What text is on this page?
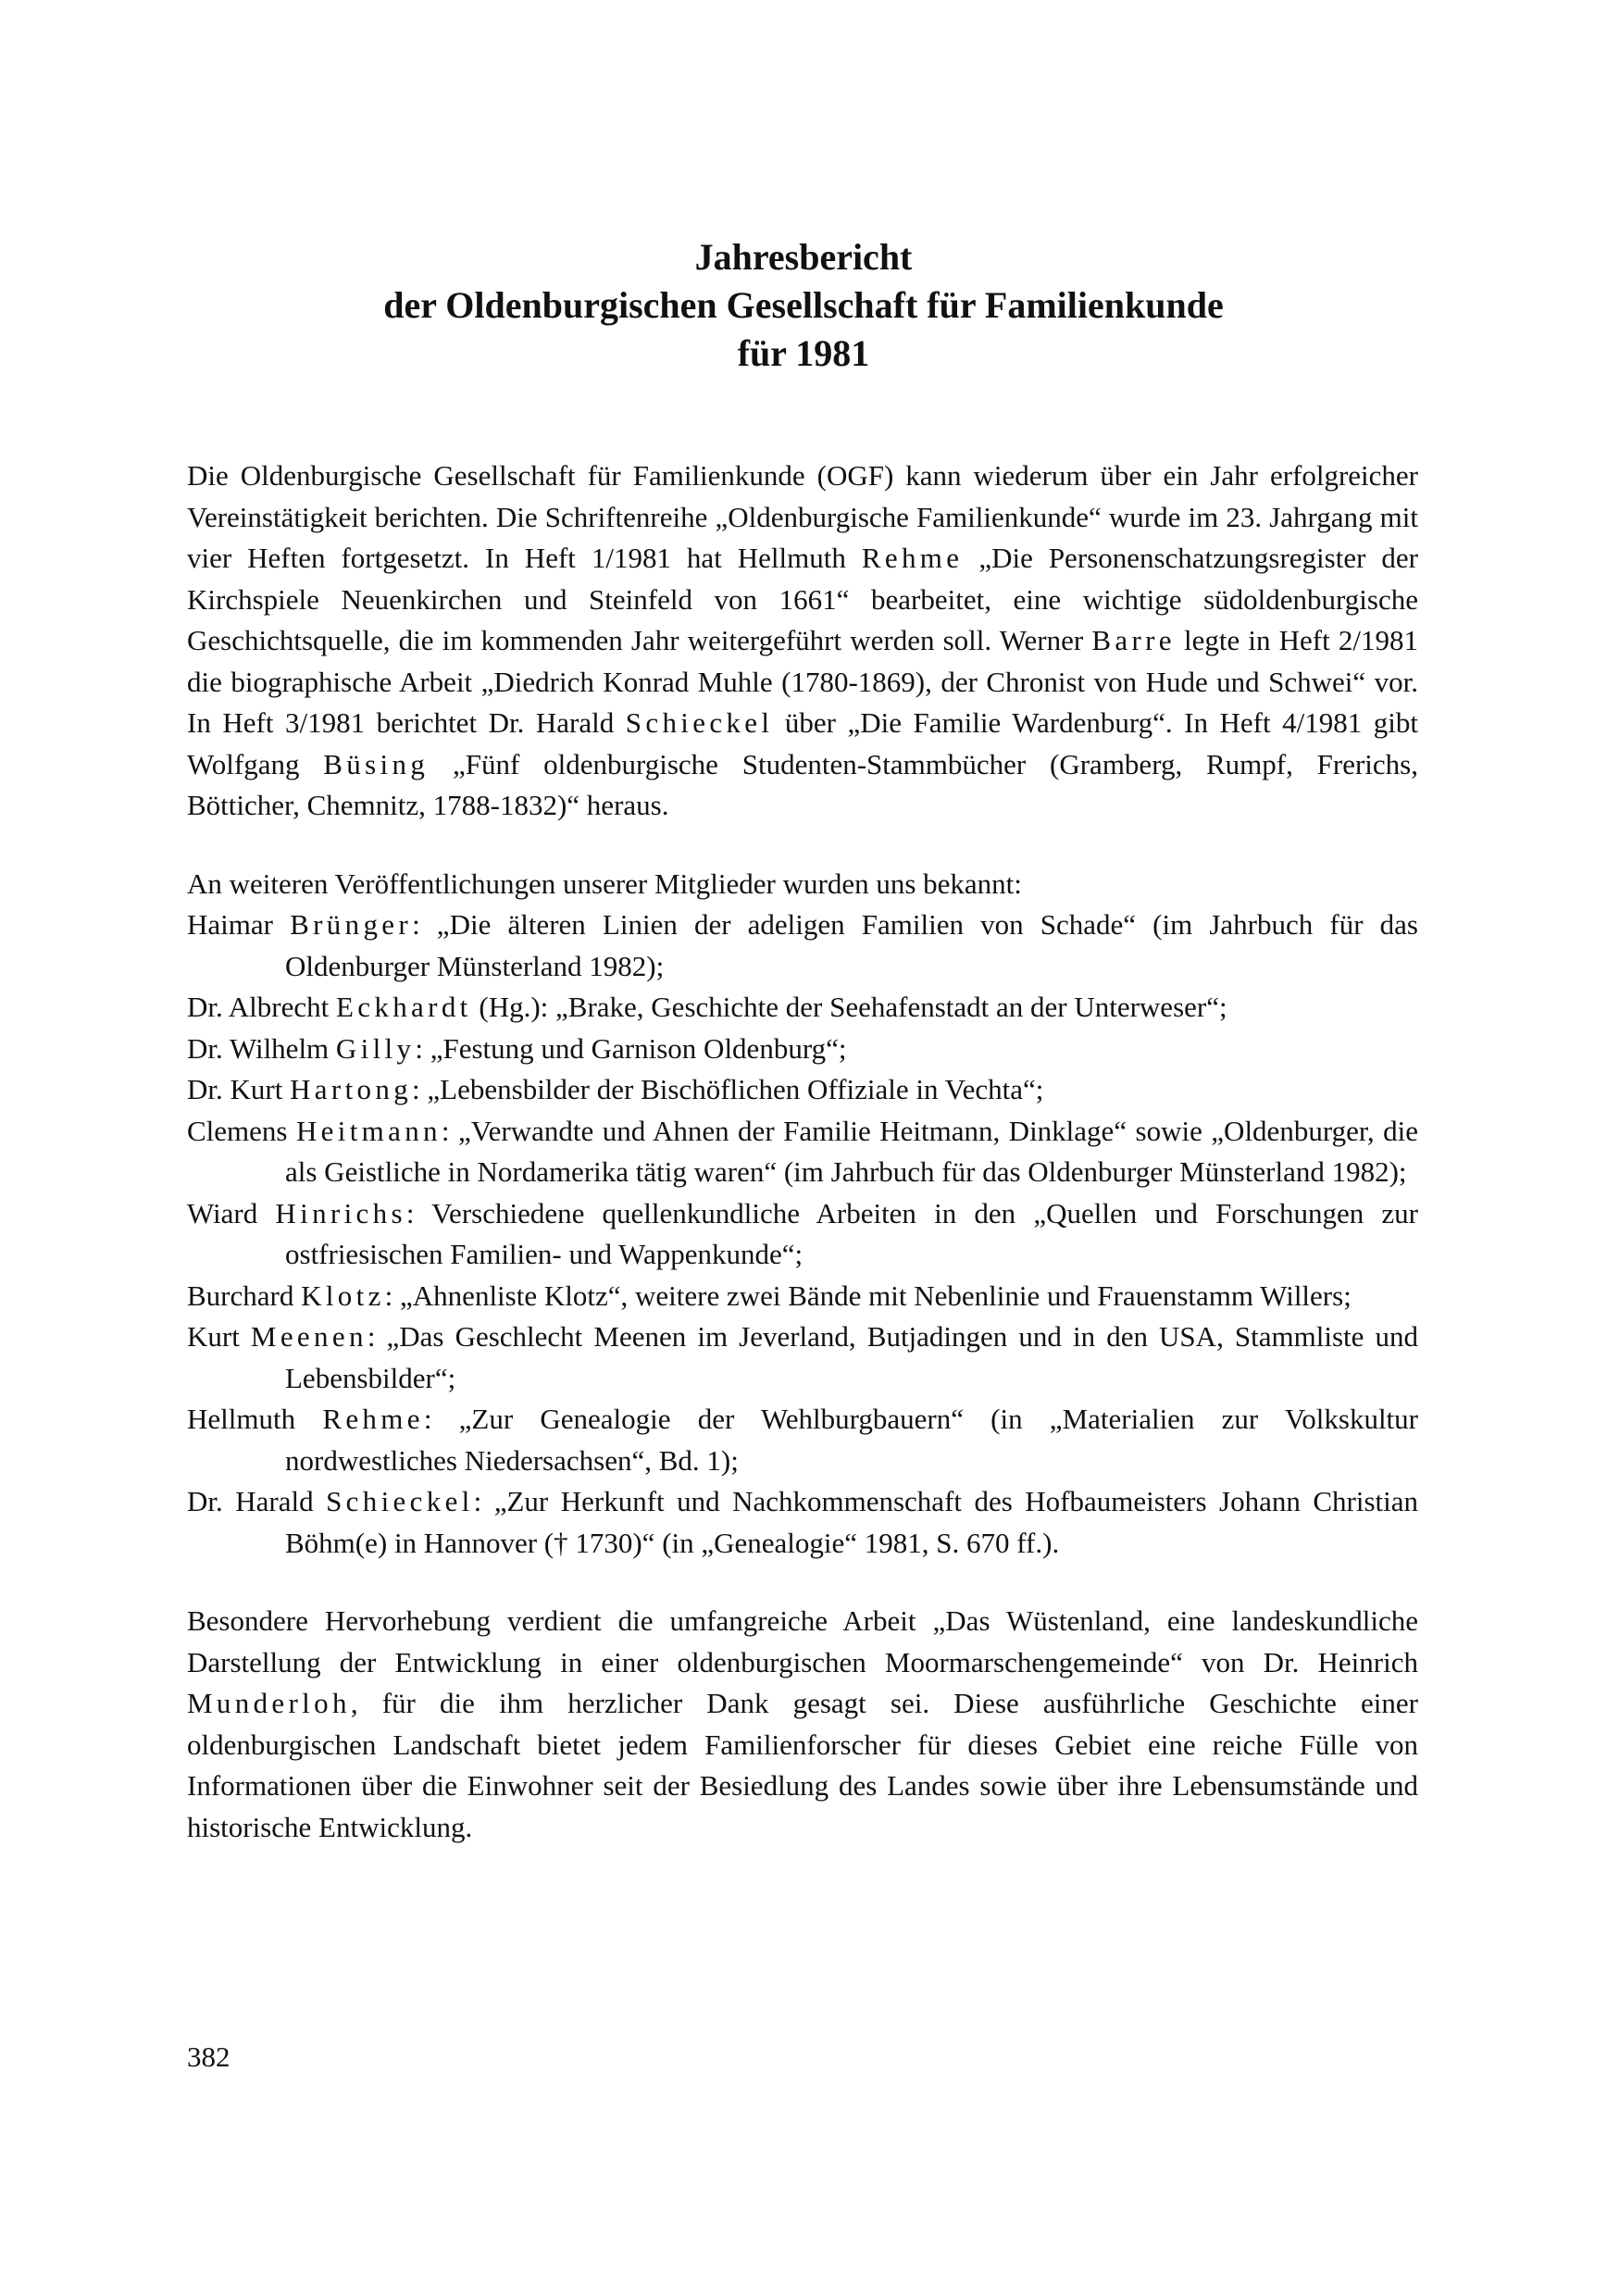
Jahresbericht
der Oldenburgischen Gesellschaft für Familienkunde
für 1981

Die Oldenburgische Gesellschaft für Familienkunde (OGF) kann wiederum über ein Jahr erfolgreicher Vereinstätigkeit berichten. Die Schriftenreihe „Oldenburgische Familienkunde“ wurde im 23. Jahrgang mit vier Heften fortgesetzt. In Heft 1/1981 hat Hellmuth Rehme „Die Personenschatzungsregister der Kirchspiele Neuenkirchen und Steinfeld von 1661“ bearbeitet, eine wichtige südoldenburgische Geschichtsquelle, die im kommenden Jahr weitergeführt werden soll. Werner Barre legte in Heft 2/1981 die biographische Arbeit „Diedrich Konrad Muhle (1780-1869), der Chronist von Hude und Schwei“ vor. In Heft 3/1981 berichtet Dr. Harald Schieckel über „Die Familie Wardenburg“. In Heft 4/1981 gibt Wolfgang Büsing „Fünf oldenburgische Studenten-Stammbücher (Gramberg, Rumpf, Frerichs, Bötticher, Chemnitz, 1788-1832)“ heraus.

An weiteren Veröffentlichungen unserer Mitglieder wurden uns bekannt:

Haimar Brünger: „Die älteren Linien der adeligen Familien von Schade“ (im Jahrbuch für das Oldenburger Münsterland 1982);

Dr. Albrecht Eckhardt (Hg.): „Brake, Geschichte der Seehafenstadt an der Unterweser“;

Dr. Wilhelm Gilly: „Festung und Garnison Oldenburg“;

Dr. Kurt Hartong: „Lebensbilder der Bischöflichen Offiziale in Vechta“;

Clemens Heitmann: „Verwandte und Ahnen der Familie Heitmann, Dinklage“ sowie „Oldenburger, die als Geistliche in Nordamerika tätig waren“ (im Jahrbuch für das Oldenburger Münsterland 1982);

Wiard Hinrichs: Verschiedene quellenkundliche Arbeiten in den „Quellen und Forschungen zur ostfriesischen Familien- und Wappenkunde“;

Burchard Klotz: „Ahnenliste Klotz“, weitere zwei Bände mit Nebenlinie und Frauenstamm Willers;

Kurt Meenen: „Das Geschlecht Meenen im Jeverland, Butjadingen und in den USA, Stammliste und Lebensbilder“;

Hellmuth Rehme: „Zur Genealogie der Wehlburgbauern“ (in „Materialien zur Volkskultur nordwestliches Niedersachsen“, Bd. 1);

Dr. Harald Schieckel: „Zur Herkunft und Nachkommenschaft des Hofbaumeisters Johann Christian Böhm(e) in Hannover († 1730)“ (in „Genealogie“ 1981, S. 670 ff.).

Besondere Hervorhebung verdient die umfangreiche Arbeit „Das Wüstenland, eine landeskundliche Darstellung der Entwicklung in einer oldenburgischen Moormarschengemeinde“ von Dr. Heinrich Munderloh, für die ihm herzlicher Dank gesagt sei. Diese ausführliche Geschichte einer oldenburgischen Landschaft bietet jedem Familienforscher für dieses Gebiet eine reiche Fülle von Informationen über die Einwohner seit der Besiedlung des Landes sowie über ihre Lebensumstände und historische Entwicklung.

382
